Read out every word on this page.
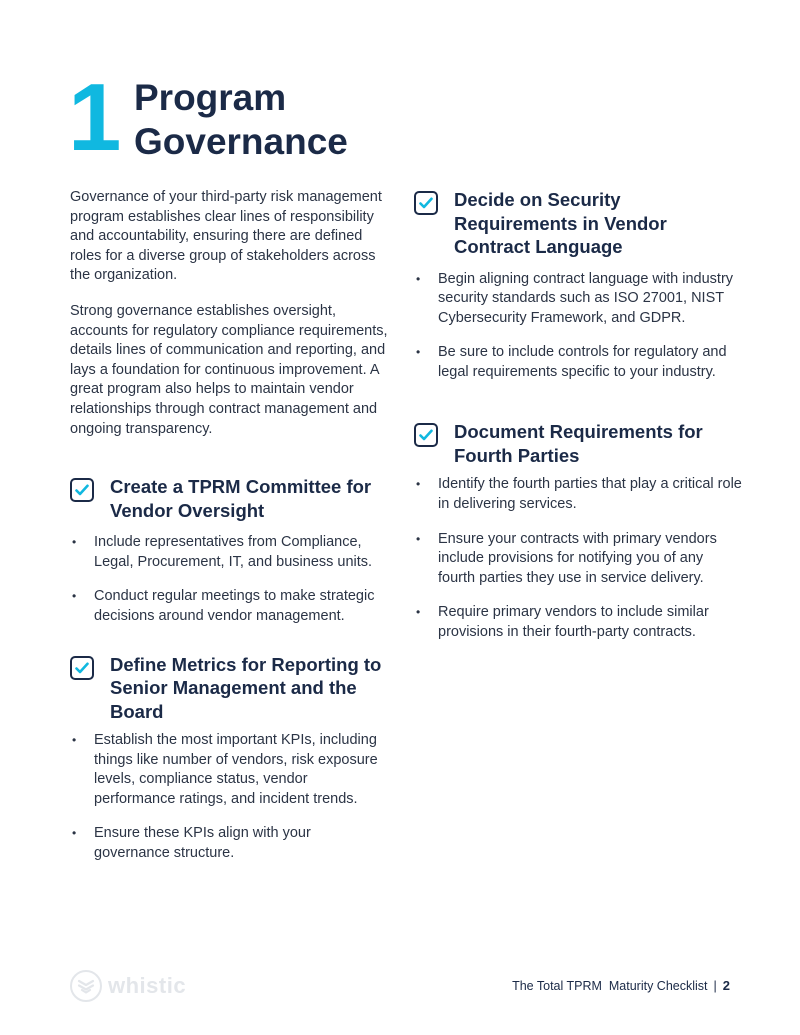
1 Program
Governance

Governance of your third-party risk management program establishes clear lines of responsibility and accountability, ensuring there are defined roles for a diverse group of stakeholders across the organization.

Strong governance establishes oversight, accounts for regulatory compliance requirements, details lines of communication and reporting, and lays a foundation for continuous improvement. A great program also helps to maintain vendor relationships through contract management and ongoing transparency.

Create a TPRM Committee for Vendor Oversight
• Include representatives from Compliance, Legal, Procurement, IT, and business units.
• Conduct regular meetings to make strategic decisions around vendor management.
Define Metrics for Reporting to Senior Management and the Board
• Establish the most important KPIs, including things like number of vendors, risk exposure levels, compliance status, vendor performance ratings, and incident trends.
• Ensure these KPIs align with your governance structure.
Decide on Security Requirements in Vendor Contract Language
• Begin aligning contract language with industry security standards such as ISO 27001, NIST Cybersecurity Framework, and GDPR.
• Be sure to include controls for regulatory and legal requirements specific to your industry.
Document Requirements for Fourth Parties
• Identify the fourth parties that play a critical role in delivering services.
• Ensure your contracts with primary vendors include provisions for notifying you of any fourth parties they use in service delivery.
• Require primary vendors to include similar provisions in their fourth-party contracts.
whistic	The Total TPRM  Maturity Checklist | 2
